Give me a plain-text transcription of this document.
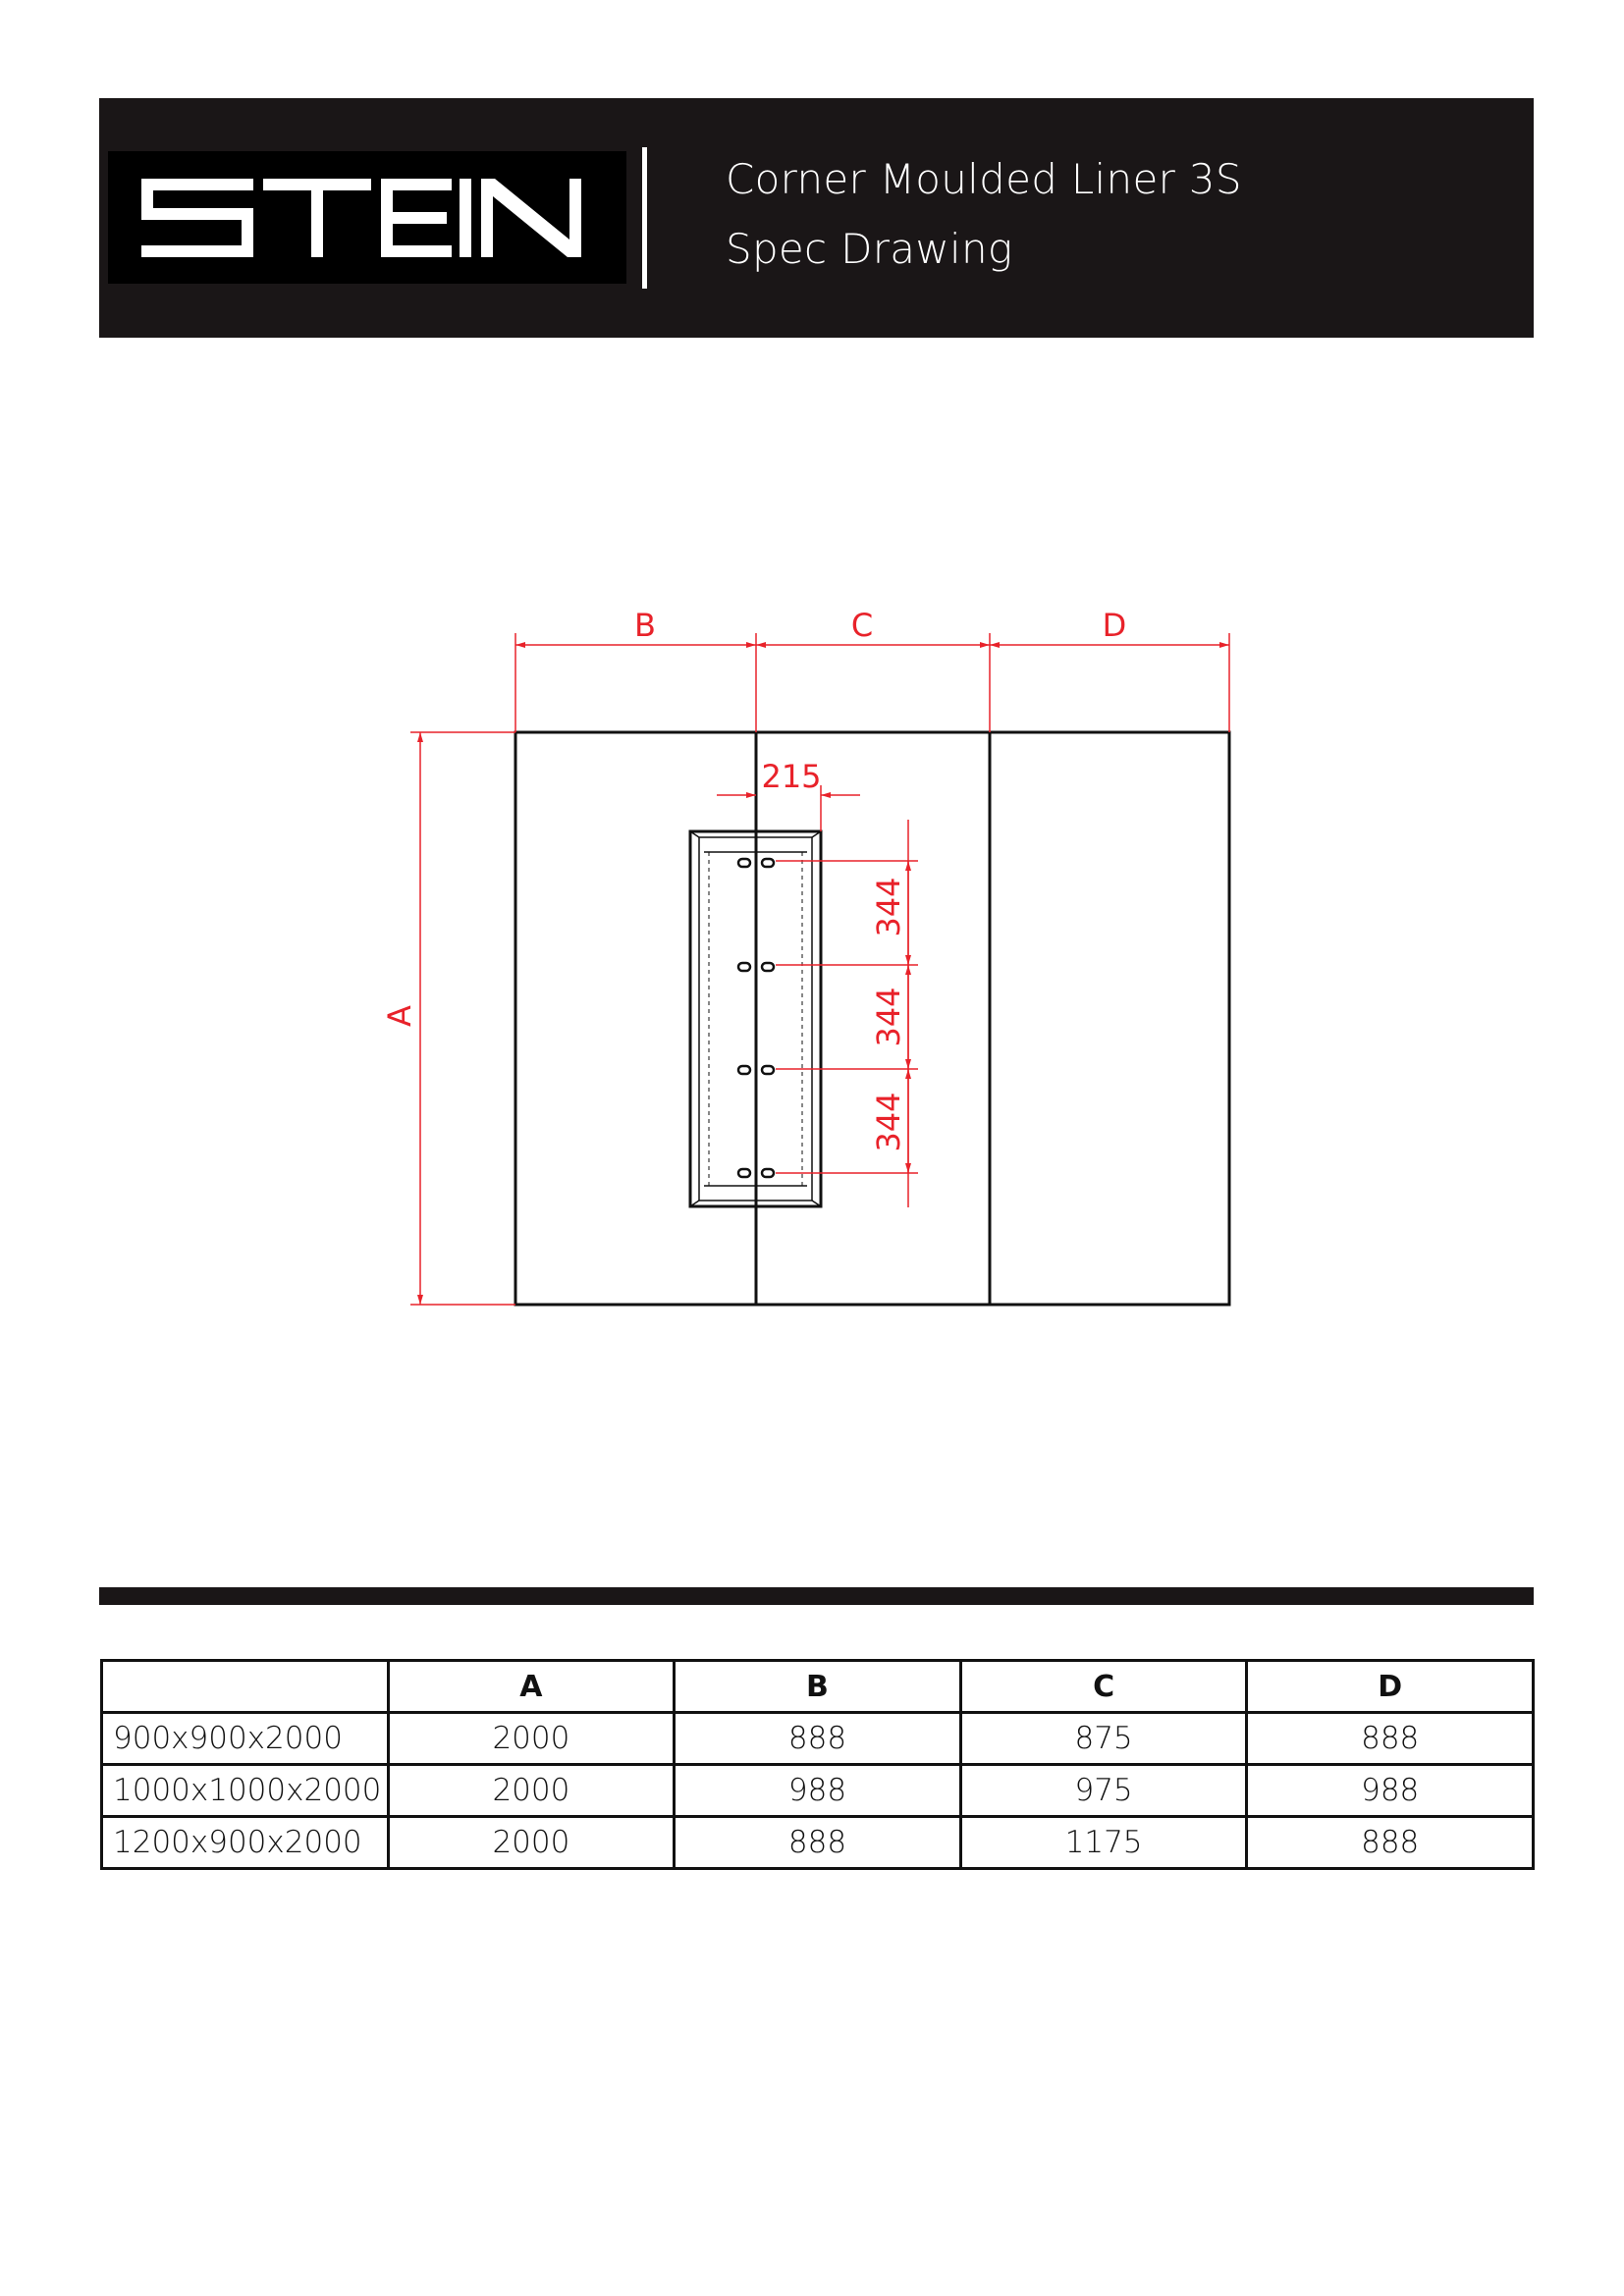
Corner Moulded Liner 3S
Spec Drawing
B	C	D
A
215
344
344
344
	A	B	C	D
900x900x2000	2000	888	875	888
1000x1000x2000	2000	988	975	988
1200x900x2000	2000	888	1175	888
